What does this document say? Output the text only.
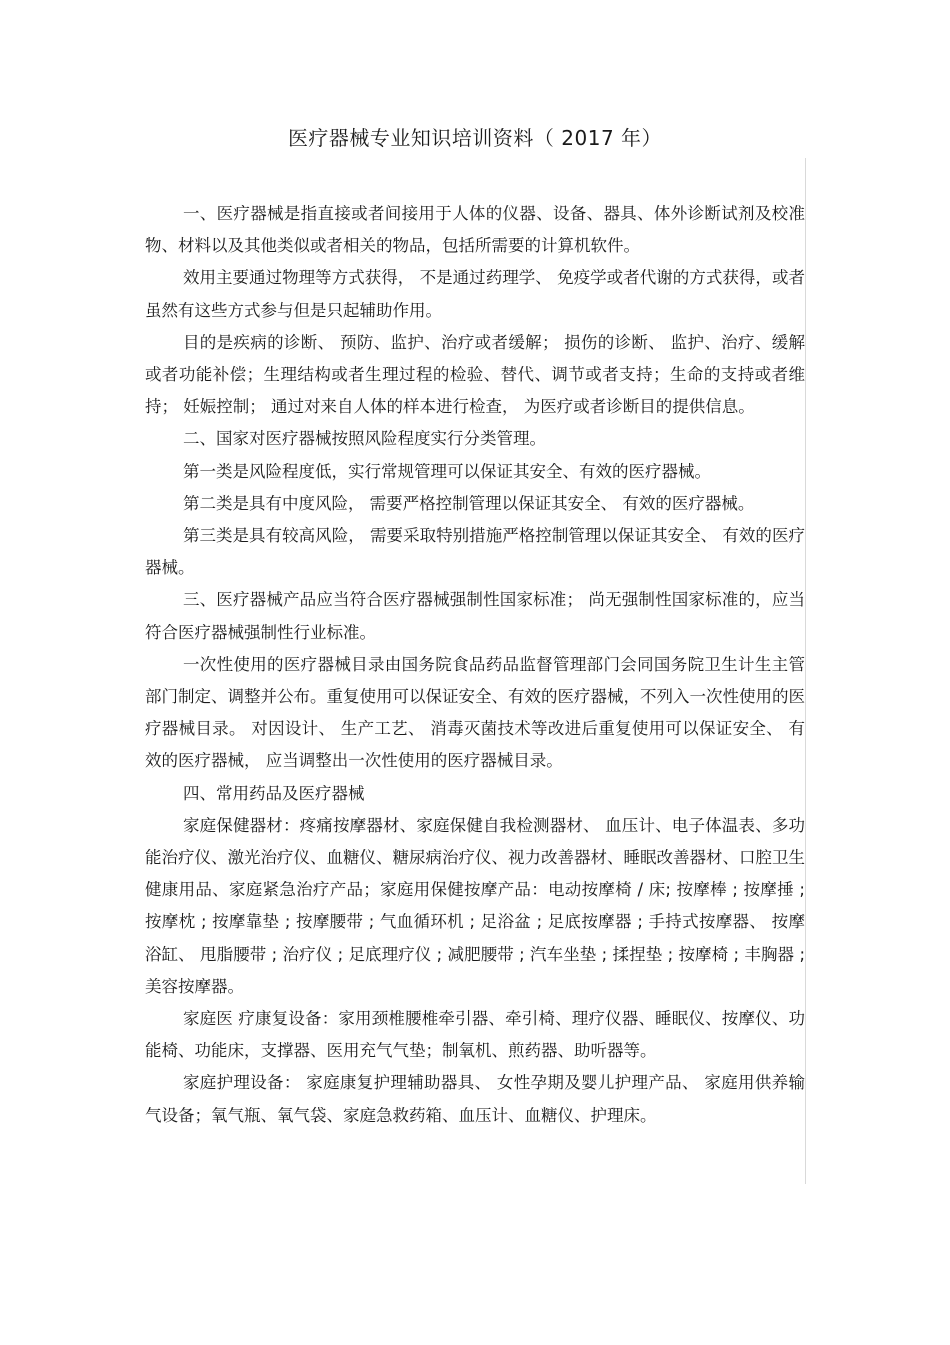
医疗器械专业知识培训资料（ 2017 年）

一、医疗器械是指直接或者间接用于人体的仪器、设备、器具、体外诊断试剂及校准物、材料以及其他类似或者相关的物品，包括所需要的计算机软件。

效用主要通过物理等方式获得， 不是通过药理学、 免疫学或者代谢的方式获得，或者虽然有这些方式参与但是只起辅助作用。

目的是疾病的诊断、 预防、监护、治疗或者缓解； 损伤的诊断、 监护、治疗、缓解或者功能补偿；生理结构或者生理过程的检验、替代、调节或者支持；生命的支持或者维持； 妊娠控制； 通过对来自人体的样本进行检查， 为医疗或者诊断目的提供信息。

二、国家对医疗器械按照风险程度实行分类管理。

第一类是风险程度低，实行常规管理可以保证其安全、有效的医疗器械。

第二类是具有中度风险， 需要严格控制管理以保证其安全、 有效的医疗器械。

第三类是具有较高风险， 需要采取特别措施严格控制管理以保证其安全、 有效的医疗器械。

三、医疗器械产品应当符合医疗器械强制性国家标准； 尚无强制性国家标准的，应当符合医疗器械强制性行业标准。

一次性使用的医疗器械目录由国务院食品药品监督管理部门会同国务院卫生计生主管部门制定、调整并公布。重复使用可以保证安全、有效的医疗器械，不列入一次性使用的医疗器械目录。 对因设计、 生产工艺、 消毒灭菌技术等改进后重复使用可以保证安全、 有效的医疗器械， 应当调整出一次性使用的医疗器械目录。

四、常用药品及医疗器械

家庭保健器材：疼痛按摩器材、家庭保健自我检测器材、 血压计、电子体温表、多功能治疗仪、激光治疗仪、血糖仪、糖尿病治疗仪、视力改善器材、睡眠改善器材、口腔卫生健康用品、家庭紧急治疗产品；家庭用保健按摩产品：电动按摩椅 / 床; 按摩棒 ; 按摩捶 ; 按摩枕 ; 按摩靠垫 ; 按摩腰带 ; 气血循环机 ; 足浴盆 ; 足底按摩器 ; 手持式按摩器、 按摩浴缸、 甩脂腰带 ; 治疗仪 ; 足底理疗仪 ; 减肥腰带 ; 汽车坐垫 ; 揉捏垫 ; 按摩椅 ; 丰胸器 ; 美容按摩器。

家庭医 疗康复设备：家用颈椎腰椎牵引器、牵引椅、理疗仪器、睡眠仪、按摩仪、功能椅、功能床，支撑器、医用充气气垫；制氧机、煎药器、助听器等。

家庭护理设备： 家庭康复护理辅助器具、 女性孕期及婴儿护理产品、 家庭用供养输气设备；氧气瓶、氧气袋、家庭急救药箱、血压计、血糖仪、护理床。
